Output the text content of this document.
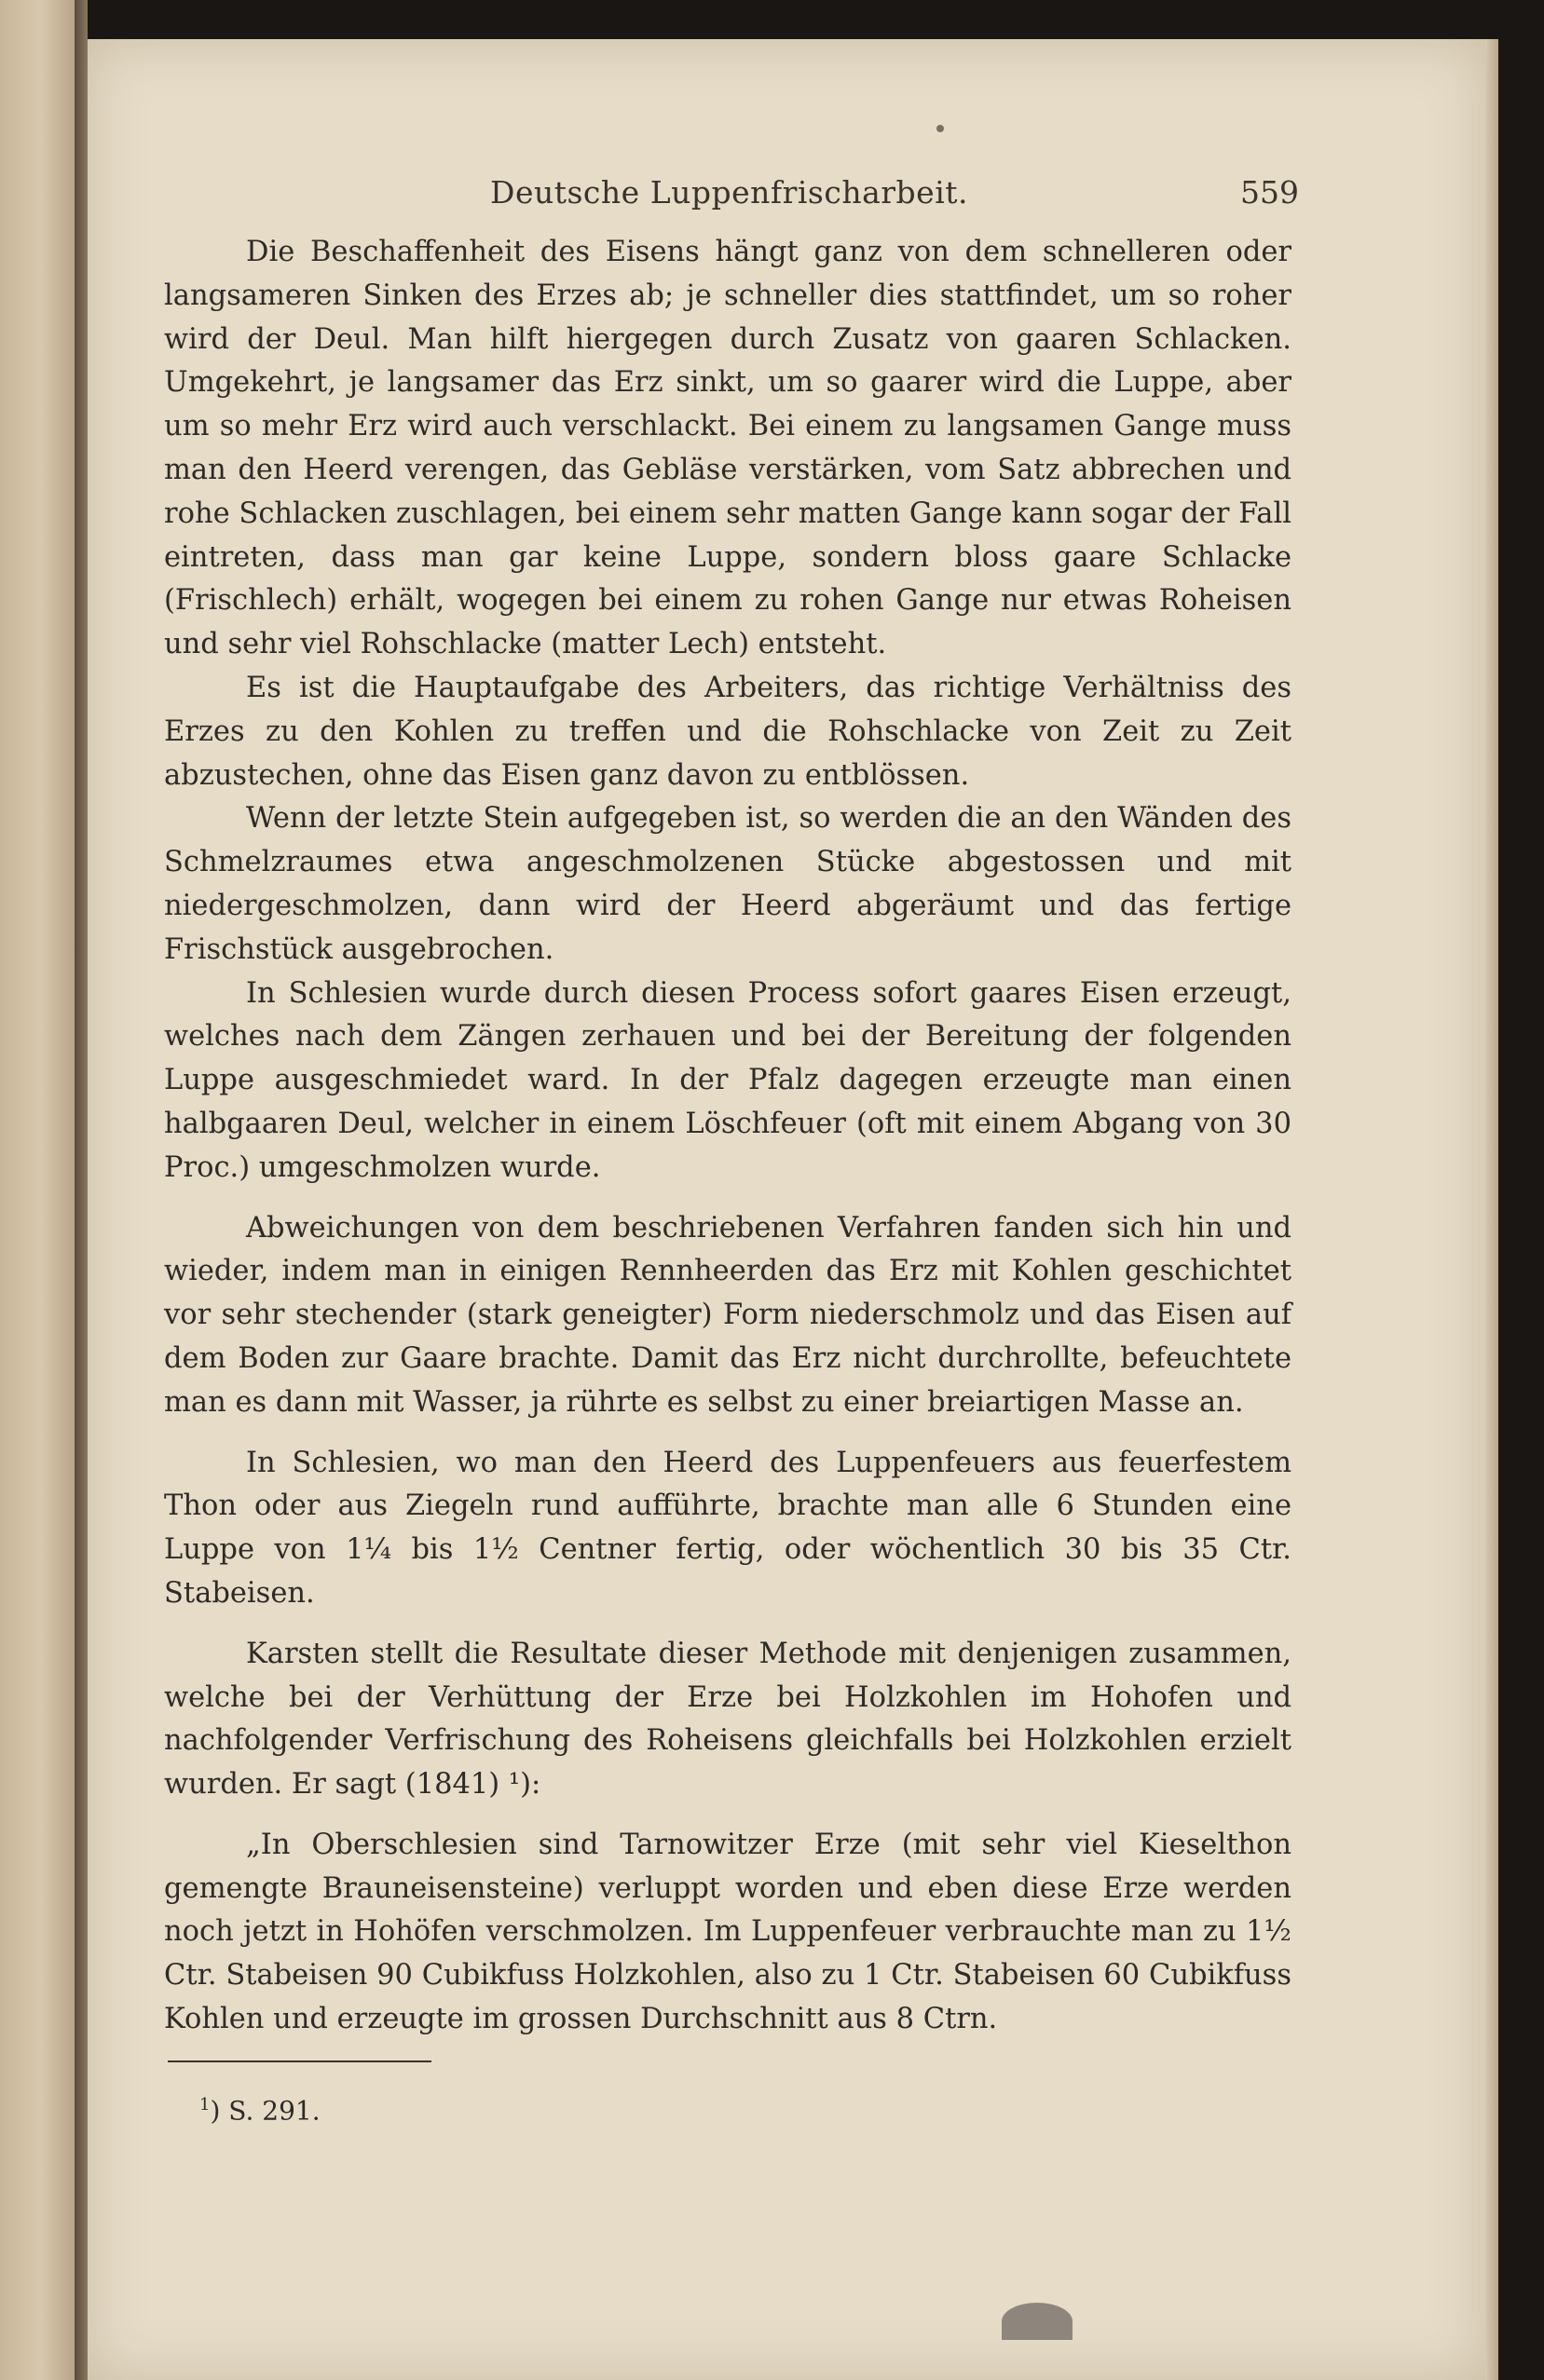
Deutsche Luppenfrischarbeit.	559

Die Beschaffenheit des Eisens hängt ganz von dem schnelleren oder langsameren Sinken des Erzes ab; je schneller dies stattfindet, um so roher wird der Deul. Man hilft hiergegen durch Zusatz von gaaren Schlacken. Umgekehrt, je langsamer das Erz sinkt, um so gaarer wird die Luppe, aber um so mehr Erz wird auch verschlackt. Bei einem zu langsamen Gange muss man den Heerd verengen, das Gebläse verstärken, vom Satz abbrechen und rohe Schlacken zuschlagen, bei einem sehr matten Gange kann sogar der Fall eintreten, dass man gar keine Luppe, sondern bloss gaare Schlacke (Frischlech) erhält, wogegen bei einem zu rohen Gange nur etwas Roheisen und sehr viel Rohschlacke (matter Lech) entsteht.

Es ist die Hauptaufgabe des Arbeiters, das richtige Verhältniss des Erzes zu den Kohlen zu treffen und die Rohschlacke von Zeit zu Zeit abzustechen, ohne das Eisen ganz davon zu entblössen.

Wenn der letzte Stein aufgegeben ist, so werden die an den Wänden des Schmelzraumes etwa angeschmolzenen Stücke abgestossen und mit niedergeschmolzen, dann wird der Heerd abgeräumt und das fertige Frischstück ausgebrochen.

In Schlesien wurde durch diesen Process sofort gaares Eisen erzeugt, welches nach dem Zängen zerhauen und bei der Bereitung der folgenden Luppe ausgeschmiedet ward. In der Pfalz dagegen erzeugte man einen halbgaaren Deul, welcher in einem Löschfeuer (oft mit einem Abgang von 30 Proc.) umgeschmolzen wurde.

Abweichungen von dem beschriebenen Verfahren fanden sich hin und wieder, indem man in einigen Rennheerden das Erz mit Kohlen geschichtet vor sehr stechender (stark geneigter) Form niederschmolz und das Eisen auf dem Boden zur Gaare brachte. Damit das Erz nicht durchrollte, befeuchtete man es dann mit Wasser, ja rührte es selbst zu einer breiartigen Masse an.

In Schlesien, wo man den Heerd des Luppenfeuers aus feuerfestem Thon oder aus Ziegeln rund aufführte, brachte man alle 6 Stunden eine Luppe von 1¼ bis 1½ Centner fertig, oder wöchentlich 30 bis 35 Ctr. Stabeisen.

Karsten stellt die Resultate dieser Methode mit denjenigen zusammen, welche bei der Verhüttung der Erze bei Holzkohlen im Hohofen und nachfolgender Verfrischung des Roheisens gleichfalls bei Holzkohlen erzielt wurden. Er sagt (1841) ¹):

„In Oberschlesien sind Tarnowitzer Erze (mit sehr viel Kieselthon gemengte Brauneisensteine) verluppt worden und eben diese Erze werden noch jetzt in Hohöfen verschmolzen. Im Luppenfeuer verbrauchte man zu 1½ Ctr. Stabeisen 90 Cubikfuss Holzkohlen, also zu 1 Ctr. Stabeisen 60 Cubikfuss Kohlen und erzeugte im grossen Durchschnitt aus 8 Ctrn.

$^1$) S. 291.
